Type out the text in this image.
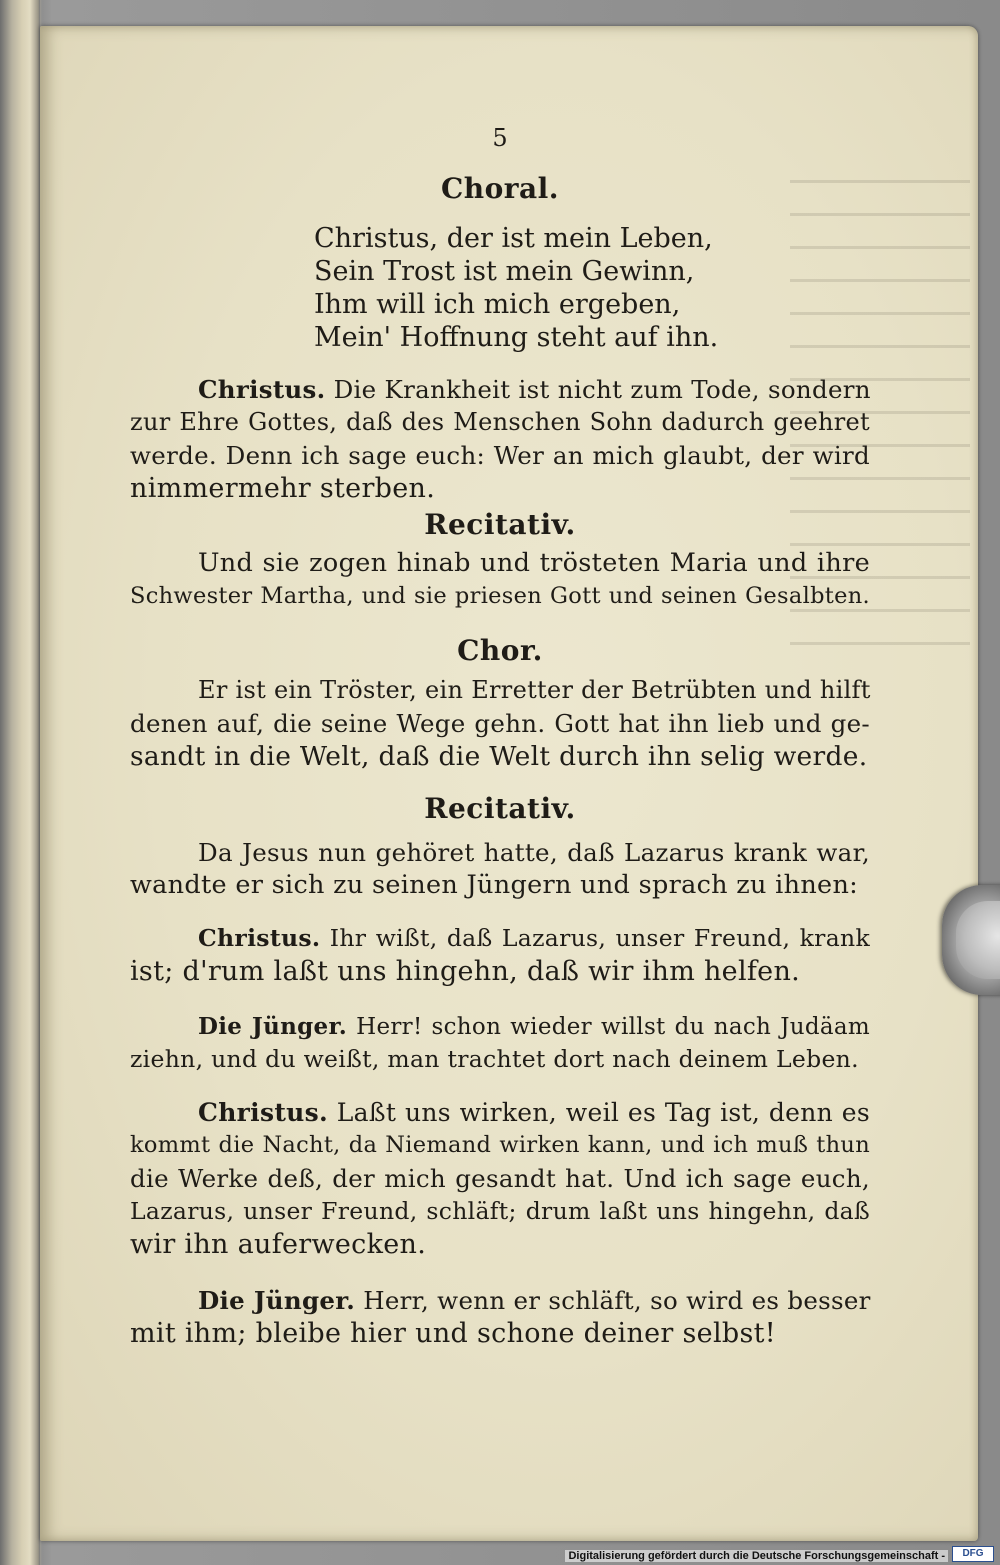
5
Choral.
Christus, der ist mein Leben,
Sein Trost ist mein Gewinn,
Ihm will ich mich ergeben,
Mein' Hoffnung steht auf ihn.
Christus. Die Krankheit ist nicht zum Tode, sondern
zur Ehre Gottes, daß des Menschen Sohn dadurch geehret
werde. Denn ich sage euch: Wer an mich glaubt, der wird
nimmermehr sterben.
Recitativ.
Und sie zogen hinab und trösteten Maria und ihre
Schwester Martha, und sie priesen Gott und seinen Gesalbten.
Chor.
Er ist ein Tröster, ein Erretter der Betrübten und hilft
denen auf, die seine Wege gehn. Gott hat ihn lieb und ge-
sandt in die Welt, daß die Welt durch ihn selig werde.
Recitativ.
Da Jesus nun gehöret hatte, daß Lazarus krank war,
wandte er sich zu seinen Jüngern und sprach zu ihnen:
Christus. Ihr wißt, daß Lazarus, unser Freund, krank
ist; d'rum laßt uns hingehn, daß wir ihm helfen.
Die Jünger. Herr! schon wieder willst du nach Judäam
ziehn, und du weißt, man trachtet dort nach deinem Leben.
Christus. Laßt uns wirken, weil es Tag ist, denn es
kommt die Nacht, da Niemand wirken kann, und ich muß thun
die Werke deß, der mich gesandt hat. Und ich sage euch,
Lazarus, unser Freund, schläft; drum laßt uns hingehn, daß
wir ihn auferwecken.
Die Jünger. Herr, wenn er schläft, so wird es besser
mit ihm; bleibe hier und schone deiner selbst!
Digitalisierung gefördert durch die Deutsche Forschungsgemeinschaft -	DFG
